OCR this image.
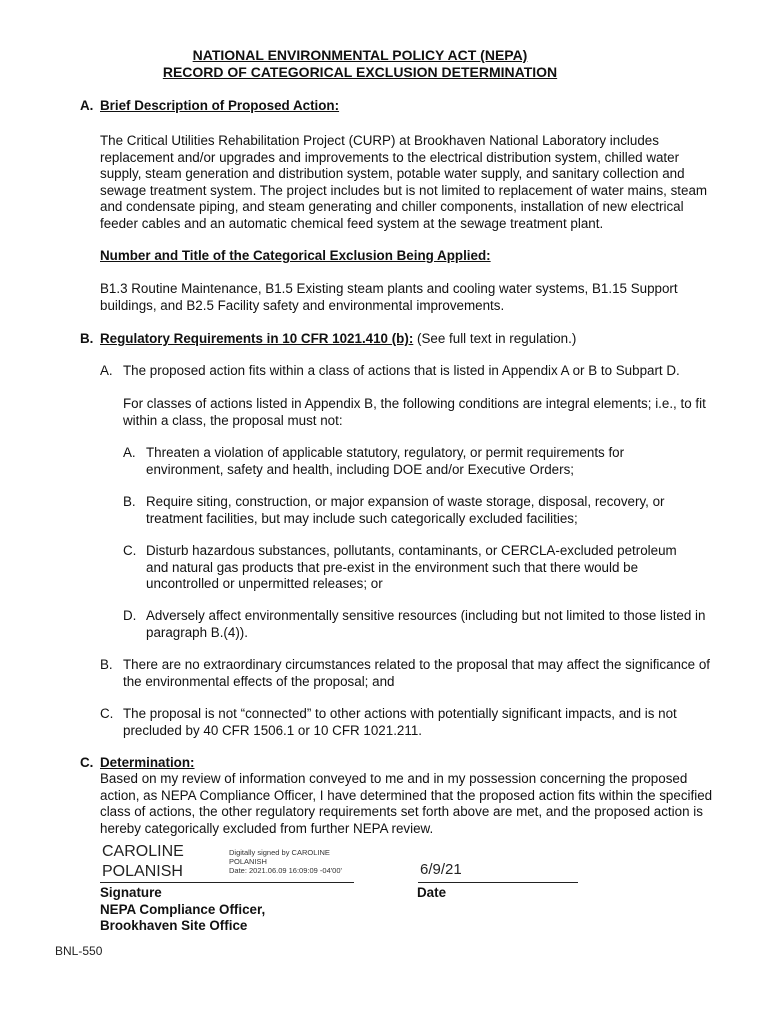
NATIONAL ENVIRONMENTAL POLICY ACT (NEPA)
RECORD OF CATEGORICAL EXCLUSION DETERMINATION
A. Brief Description of Proposed Action:
The Critical Utilities Rehabilitation Project (CURP) at Brookhaven National Laboratory includes replacement and/or upgrades and improvements to the electrical distribution system, chilled water supply, steam generation and distribution system, potable water supply, and sanitary collection and sewage treatment system. The project includes but is not limited to replacement of water mains, steam and condensate piping, and steam generating and chiller components, installation of new electrical feeder cables and an automatic chemical feed system at the sewage treatment plant.
Number and Title of the Categorical Exclusion Being Applied:
B1.3 Routine Maintenance, B1.5 Existing steam plants and cooling water systems, B1.15 Support buildings, and B2.5 Facility safety and environmental improvements.
B. Regulatory Requirements in 10 CFR 1021.410 (b): (See full text in regulation.)
A. The proposed action fits within a class of actions that is listed in Appendix A or B to Subpart D.
For classes of actions listed in Appendix B, the following conditions are integral elements; i.e., to fit within a class, the proposal must not:
A. Threaten a violation of applicable statutory, regulatory, or permit requirements for environment, safety and health, including DOE and/or Executive Orders;
B. Require siting, construction, or major expansion of waste storage, disposal, recovery, or treatment facilities, but may include such categorically excluded facilities;
C. Disturb hazardous substances, pollutants, contaminants, or CERCLA-excluded petroleum and natural gas products that pre-exist in the environment such that there would be uncontrolled or unpermitted releases; or
D. Adversely affect environmentally sensitive resources (including but not limited to those listed in paragraph B.(4)).
B. There are no extraordinary circumstances related to the proposal that may affect the significance of the environmental effects of the proposal; and
C. The proposal is not “connected” to other actions with potentially significant impacts, and is not precluded by 40 CFR 1506.1 or 10 CFR 1021.211.
C. Determination:
Based on my review of information conveyed to me and in my possession concerning the proposed action, as NEPA Compliance Officer, I have determined that the proposed action fits within the specified class of actions, the other regulatory requirements set forth above are met, and the proposed action is hereby categorically excluded from further NEPA review.
CAROLINE
POLANISH
Digitally signed by CAROLINE
POLANISH
Date: 2021.06.09 16:09:09 -04'00'	6/9/21
Signature
NEPA Compliance Officer,
Brookhaven Site Office
Date
BNL-550
